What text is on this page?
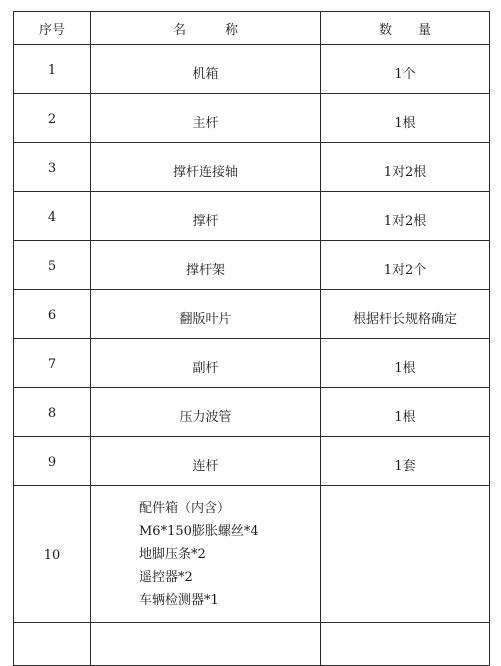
序号	名　　　称	数　　量
1	机箱	1个
2	主杆	1根
3	撑杆连接轴	1对2根
4	撑杆	1对2根
5	撑杆架	1对2个
6	翻版叶片	根据杆长规格确定
7	副杆	1根
8	压力波管	1根
9	连杆	1套
10	配件箱（内含）
M6*150膨胀螺丝*4
地脚压条*2
遥控器*2
车辆检测器*1	
